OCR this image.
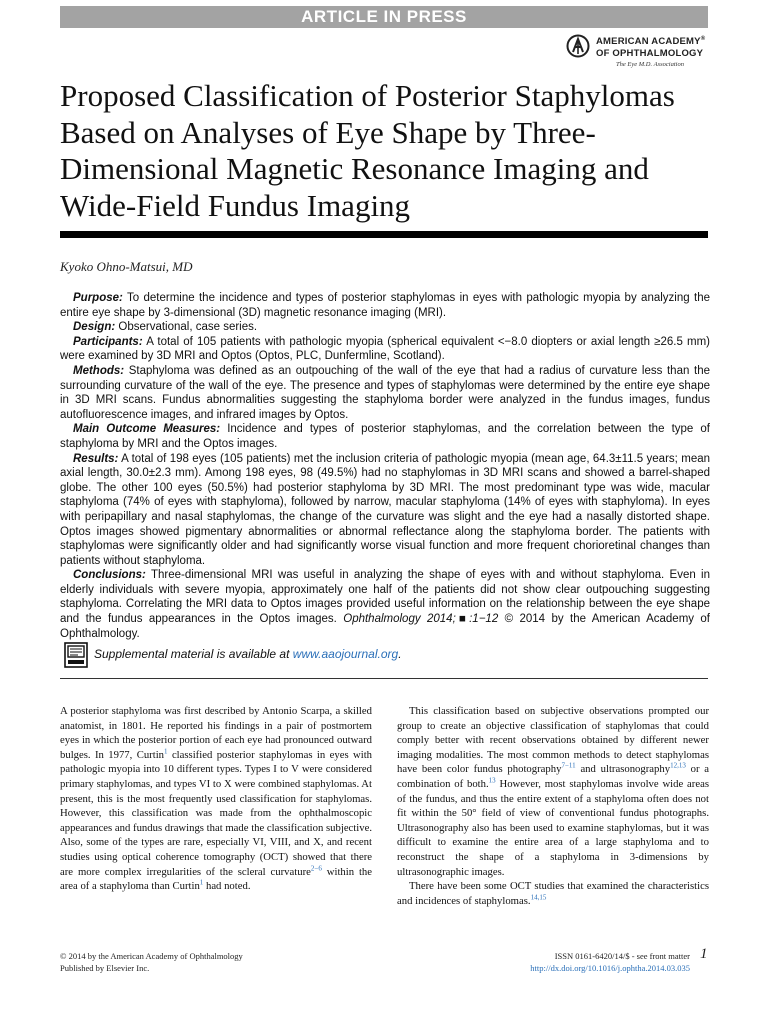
ARTICLE IN PRESS
AMERICAN ACADEMY®
OF OPHTHALMOLOGY
The Eye M.D. Association
Proposed Classification of Posterior Staphylomas Based on Analyses of Eye Shape by Three-Dimensional Magnetic Resonance Imaging and Wide-Field Fundus Imaging
Kyoko Ohno-Matsui, MD

Purpose: To determine the incidence and types of posterior staphylomas in eyes with pathologic myopia by analyzing the entire eye shape by 3-dimensional (3D) magnetic resonance imaging (MRI).

Design: Observational, case series.

Participants: A total of 105 patients with pathologic myopia (spherical equivalent <−8.0 diopters or axial length ≥26.5 mm) were examined by 3D MRI and Optos (Optos, PLC, Dunfermline, Scotland).

Methods: Staphyloma was defined as an outpouching of the wall of the eye that had a radius of curvature less than the surrounding curvature of the wall of the eye. The presence and types of staphylomas were determined by the entire eye shape in 3D MRI scans. Fundus abnormalities suggesting the staphyloma border were analyzed in the fundus images, fundus autofluorescence images, and infrared images by Optos.

Main Outcome Measures: Incidence and types of posterior staphylomas, and the correlation between the type of staphyloma by MRI and the Optos images.

Results: A total of 198 eyes (105 patients) met the inclusion criteria of pathologic myopia (mean age, 64.3±11.5 years; mean axial length, 30.0±2.3 mm). Among 198 eyes, 98 (49.5%) had no staphylomas in 3D MRI scans and showed a barrel-shaped globe. The other 100 eyes (50.5%) had posterior staphyloma by 3D MRI. The most predominant type was wide, macular staphyloma (74% of eyes with staphyloma), followed by narrow, macular staphyloma (14% of eyes with staphyloma). In eyes with peripapillary and nasal staphylomas, the change of the curvature was slight and the eye had a nasally distorted shape. Optos images showed pigmentary abnormalities or abnormal reflectance along the staphyloma border. The patients with staphylomas were significantly older and had significantly worse visual function and more frequent chorioretinal changes than patients without staphyloma.

Conclusions: Three-dimensional MRI was useful in analyzing the shape of eyes with and without staphyloma. Even in elderly individuals with severe myopia, approximately one half of the patients did not show clear outpouching suggesting staphyloma. Correlating the MRI data to Optos images provided useful information on the relationship between the eye shape and the fundus appearances in the Optos images. Ophthalmology 2014;■:1−12 © 2014 by the American Academy of Ophthalmology.

Supplemental material is available at www.aaojournal.org.

A posterior staphyloma was first described by Antonio Scarpa, a skilled anatomist, in 1801. He reported his findings in a pair of postmortem eyes in which the posterior portion of each eye had pronounced outward bulges. In 1977, Curtin$^1$ classified posterior staphylomas in eyes with pathologic myopia into 10 different types. Types I to V were considered primary staphylomas, and types VI to X were combined staphylomas. At present, this is the most frequently used classification for staphylomas. However, this classification was made from the ophthalmoscopic appearances and fundus drawings that made the classification subjective. Also, some of the types are rare, especially VI, VIII, and X, and recent studies using optical coherence tomography (OCT) showed that there are more complex irregularities of the scleral curvature$^{2-6}$ within the area of a staphyloma than Curtin$^1$ had noted.

This classification based on subjective observations prompted our group to create an objective classification of staphylomas that could comply better with recent observations obtained by different newer imaging modalities. The most common methods to detect staphylomas have been color fundus photography$^{7-11}$ and ultrasonography$^{12,13}$ or a combination of both.$^{13}$ However, most staphylomas involve wide areas of the fundus, and thus the entire extent of a staphyloma often does not fit within the 50° field of view of conventional fundus photographs. Ultrasonography also has been used to examine staphylomas, but it was difficult to examine the entire area of a large staphyloma and to reconstruct the shape of a staphyloma in 3-dimensions by ultrasonographic images.

There have been some OCT studies that examined the characteristics and incidences of staphylomas.$^{14,15}$

© 2014 by the American Academy of Ophthalmology
Published by Elsevier Inc.
ISSN 0161-6420/14/$ - see front matter
http://dx.doi.org/10.1016/j.ophtha.2014.03.035
1
